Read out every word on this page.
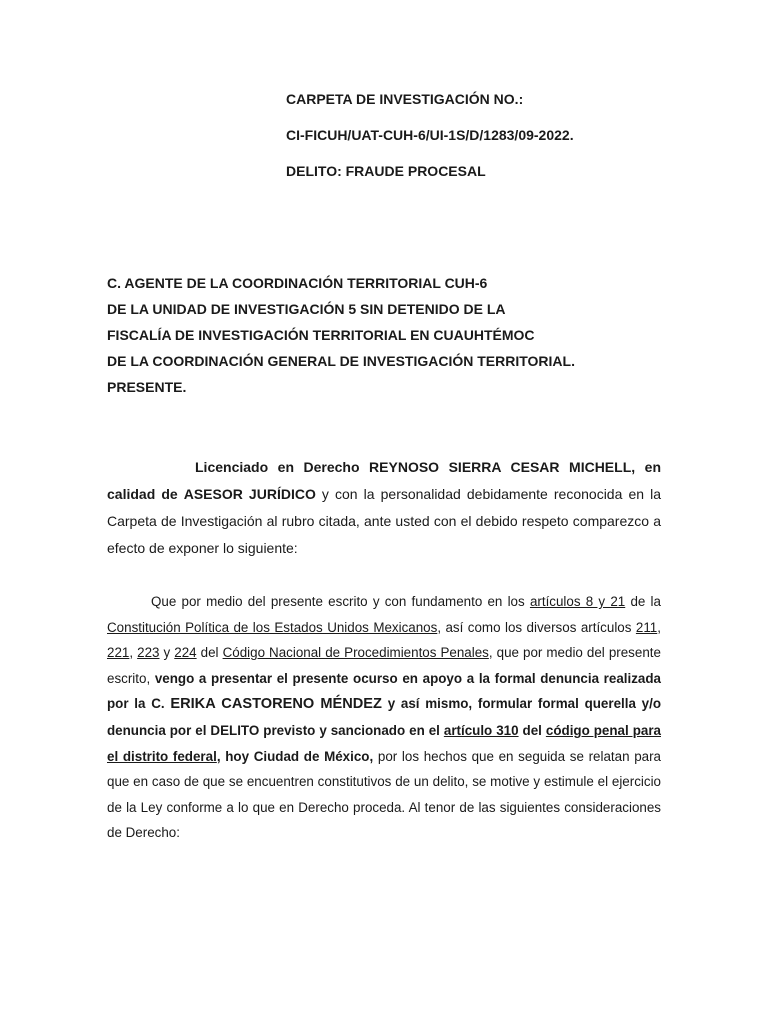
CARPETA DE INVESTIGACIÓN NO.:
CI-FICUH/UAT-CUH-6/UI-1S/D/1283/09-2022.
DELITO: FRAUDE PROCESAL
C. AGENTE DE LA COORDINACIÓN TERRITORIAL CUH-6
DE LA UNIDAD DE INVESTIGACIÓN 5 SIN DETENIDO DE LA
FISCALÍA DE INVESTIGACIÓN TERRITORIAL EN CUAUHTÉMOC
DE LA COORDINACIÓN GENERAL DE INVESTIGACIÓN TERRITORIAL.
PRESENTE.
Licenciado en Derecho REYNOSO SIERRA CESAR MICHELL, en calidad de ASESOR JURÍDICO y con la personalidad debidamente reconocida en la Carpeta de Investigación al rubro citada, ante usted con el debido respeto comparezco a efecto de exponer lo siguiente:
Que por medio del presente escrito y con fundamento en los artículos 8 y 21 de la Constitución Política de los Estados Unidos Mexicanos, así como los diversos artículos 211, 221, 223 y 224 del Código Nacional de Procedimientos Penales, que por medio del presente escrito, vengo a presentar el presente ocurso en apoyo a la formal denuncia realizada por la C. ERIKA CASTORENO MÉNDEZ y así mismo, formular formal querella y/o denuncia por el DELITO previsto y sancionado en el artículo 310 del código penal para el distrito federal, hoy Ciudad de México, por los hechos que en seguida se relatan para que en caso de que se encuentren constitutivos de un delito, se motive y estimule el ejercicio de la Ley conforme a lo que en Derecho proceda. Al tenor de las siguientes consideraciones de Derecho:
